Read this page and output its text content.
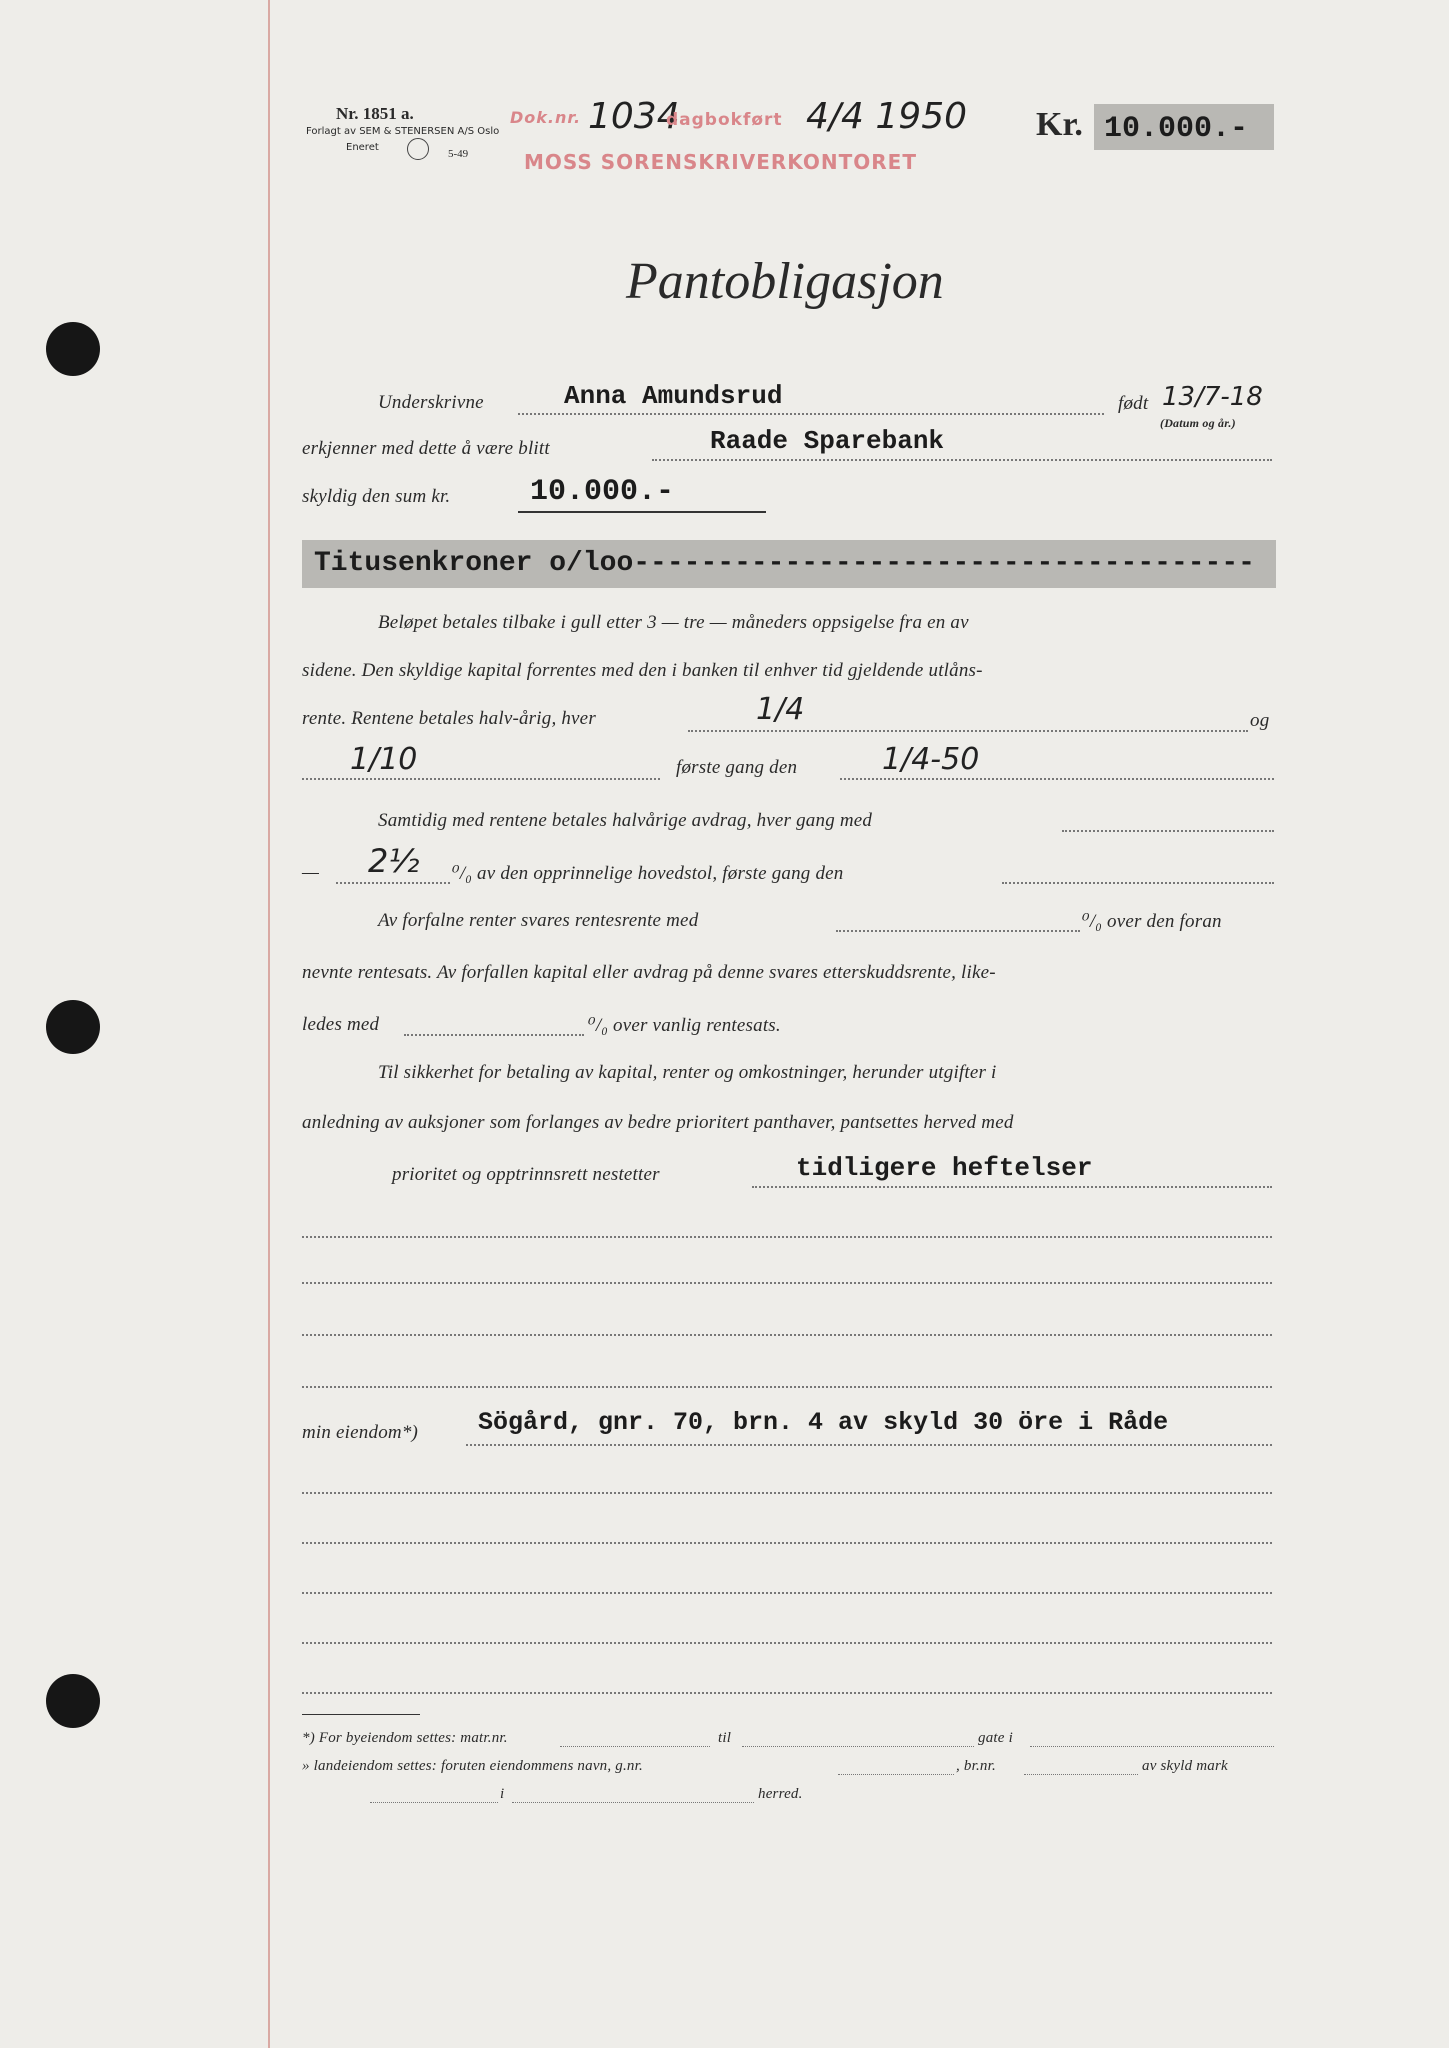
Nr. 1851 a.
Forlagt av SEM & STENERSEN A/S Oslo
Eneret
5-49
Dok.nr. 1034
dagbokført 4/4 1950
MOSS SORENSKRIVERKONTORET
Kr. 10.000.-
Pantobligasjon
Underskrivne	Anna Amundsrud	født 13/7-18
(Datum og år.)
erkjenner med dette å være blitt	Raade Sparebank
skyldig den sum kr.	10.000.-
Titusenkroner o/loo-------------------------------------
Beløpet betales tilbake i gull etter 3 — tre — måneders oppsigelse fra en av
sidene. Den skyldige kapital forrentes med den i banken til enhver tid gjeldende utlåns-
rente. Rentene betales halv-årig, hver	1/4	og
1/10	første gang den	1/4-50
Samtidig med rentene betales halvårige avdrag, hver gang med
— 2½ ⁰/₀ av den opprinnelige hovedstol, første gang den
Av forfalne renter svares rentesrente med	⁰/₀ over den foran
nevnte rentesats. Av forfallen kapital eller avdrag på denne svares etterskuddsrente, like-
ledes med	⁰/₀ over vanlig rentesats.
Til sikkerhet for betaling av kapital, renter og omkostninger, herunder utgifter i
anledning av auksjoner som forlanges av bedre prioritert panthaver, pantsettes herved med
prioritet og opptrinnsrett nestetter	tidligere heftelser
min eiendom*) Sögård, gnr. 70, brn. 4 av skyld 30 öre i Råde
*) For byeiendom settes: matr.nr.	til	gate i
» landeiendom settes: foruten eiendommens navn, g.nr.	, br.nr.	av skyld mark
i	herred.
